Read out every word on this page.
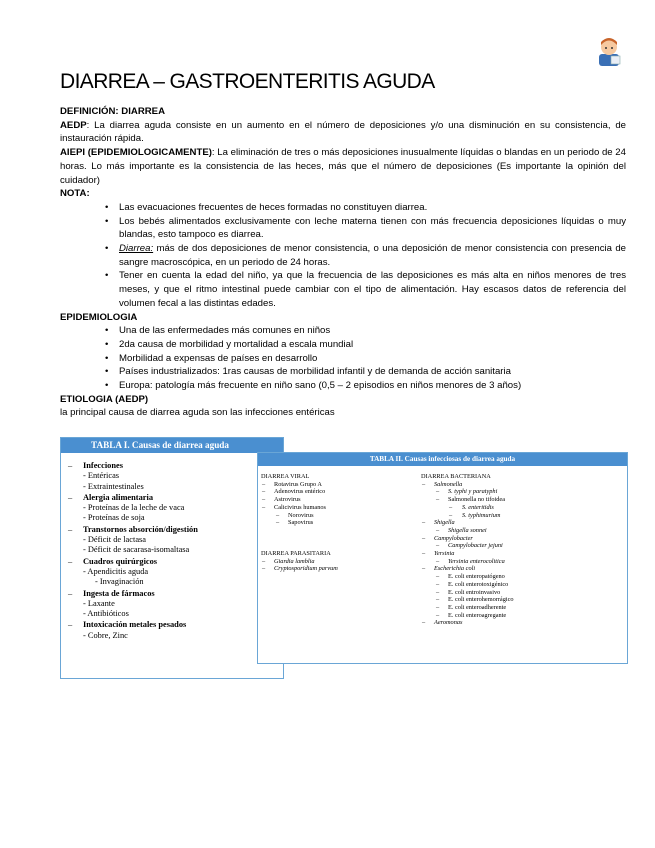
DIARREA – GASTROENTERITIS AGUDA

DEFINICIÓN: DIARREA

AEDP: La diarrea aguda consiste en un aumento en el número de deposiciones y/o una disminución en su consistencia, de instauración rápida.

AIEPI (EPIDEMIOLOGICAMENTE): La eliminación de tres o más deposiciones inusualmente líquidas o blandas en un periodo de 24 horas. Lo más importante es la consistencia de las heces, más que el número de deposiciones (Es importante la opinión del cuidador)

NOTA:

• Las evacuaciones frecuentes de heces formadas no constituyen diarrea.
• Los bebés alimentados exclusivamente con leche materna tienen con más frecuencia deposiciones líquidas o muy blandas, esto tampoco es diarrea.
• Diarrea: más de dos deposiciones de menor consistencia, o una deposición de menor consistencia con presencia de sangre macroscópica, en un periodo de 24 horas.
• Tener en cuenta la edad del niño, ya que la frecuencia de las deposiciones es más alta en niños menores de tres meses, y que el ritmo intestinal puede cambiar con el tipo de alimentación. Hay escasos datos de referencia del volumen fecal a las distintas edades.

EPIDEMIOLOGIA

• Una de las enfermedades más comunes en niños
• 2da causa de morbilidad y mortalidad a escala mundial
• Morbilidad a expensas de países en desarrollo
• Países industrializados: 1ras causas de morbilidad infantil y de demanda de acción sanitaria
• Europa: patología más frecuente en niño sano (0,5 – 2 episodios en niños menores de 3 años)

ETIOLOGIA (AEDP)

la principal causa de diarrea aguda son las infecciones entéricas

TABLA I. Causas de diarrea aguda
– Infecciones
- Entéricas
- Extraintestinales
– Alergia alimentaria
- Proteínas de la leche de vaca
- Proteínas de soja
– Transtornos absorción/digestión
- Déficit de lactasa
- Déficit de sacarasa-isomaltasa
– Cuadros quirúrgicos
- Apendicitis aguda
- Invaginación
– Ingesta de fármacos
- Laxante
- Antibióticos
– Intoxicación metales pesados
- Cobre, Zinc
TABLA II. Causas infecciosas de diarrea aguda
DIARREA VIRAL
– Rotavirus Grupo A
– Adenovirus entérico
– Astrovirus
– Calicivirus humanos
– Norovirus
– Sapovirus
DIARREA PARASITARIA
– Giardia lamblia
– Cryptosporidium parvum
DIARREA BACTERIANA
– Salmonella
– S. typhi y paratyphi
– Salmonella no tifoidea
– S. enteritidis
– S. typhimurium
– Shigella
– Shigella sonnei
– Campylobacter
– Campylobacter jejuni
– Yersinia
– Yersinia enterocolitica
– Escherichia coli
– E. coli enteropatógeno
– E. coli enterotoxigénico
– E. coli entroinvasivo
– E. coli enterohemorrágico
– E. coli enteroadherente
– E. coli enteroagregante
– Aeromonas
